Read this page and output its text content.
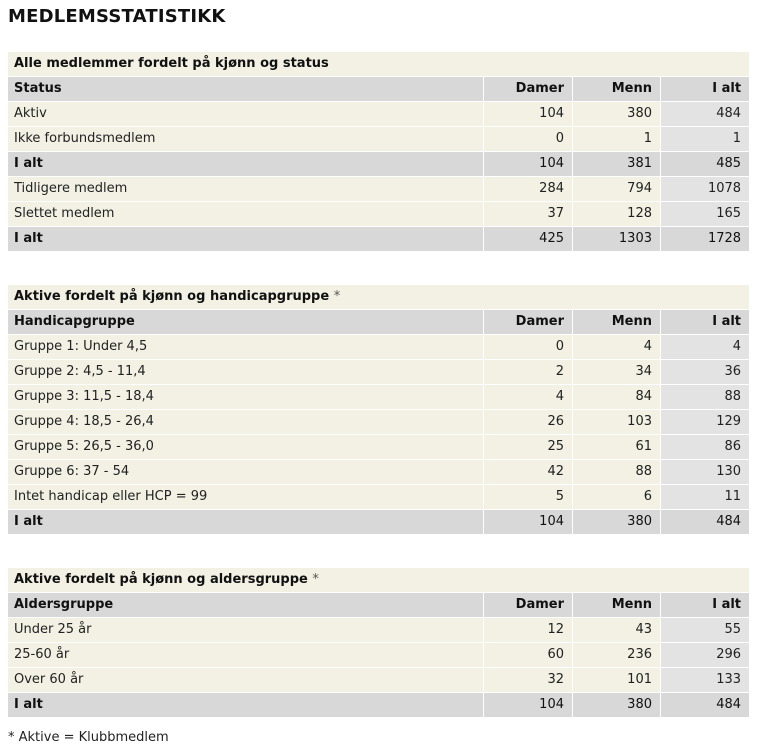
MEDLEMSSTATISTIKK
Alle medlemmer fordelt på kjønn og status			
Status	Damer	Menn	I alt
Aktiv	104	380	484
Ikke forbundsmedlem	0	1	1
I alt	104	381	485
Tidligere medlem	284	794	1078
Slettet medlem	37	128	165
I alt	425	1303	1728
Aktive fordelt på kjønn og handicapgruppe *			
Handicapgruppe	Damer	Menn	I alt
Gruppe 1: Under 4,5	0	4	4
Gruppe 2: 4,5 - 11,4	2	34	36
Gruppe 3: 11,5 - 18,4	4	84	88
Gruppe 4: 18,5 - 26,4	26	103	129
Gruppe 5: 26,5 - 36,0	25	61	86
Gruppe 6: 37 - 54	42	88	130
Intet handicap eller HCP = 99	5	6	11
I alt	104	380	484
Aktive fordelt på kjønn og aldersgruppe *			
Aldersgruppe	Damer	Menn	I alt
Under 25 år	12	43	55
25-60 år	60	236	296
Over 60 år	32	101	133
I alt	104	380	484
* Aktive = Klubbmedlem
